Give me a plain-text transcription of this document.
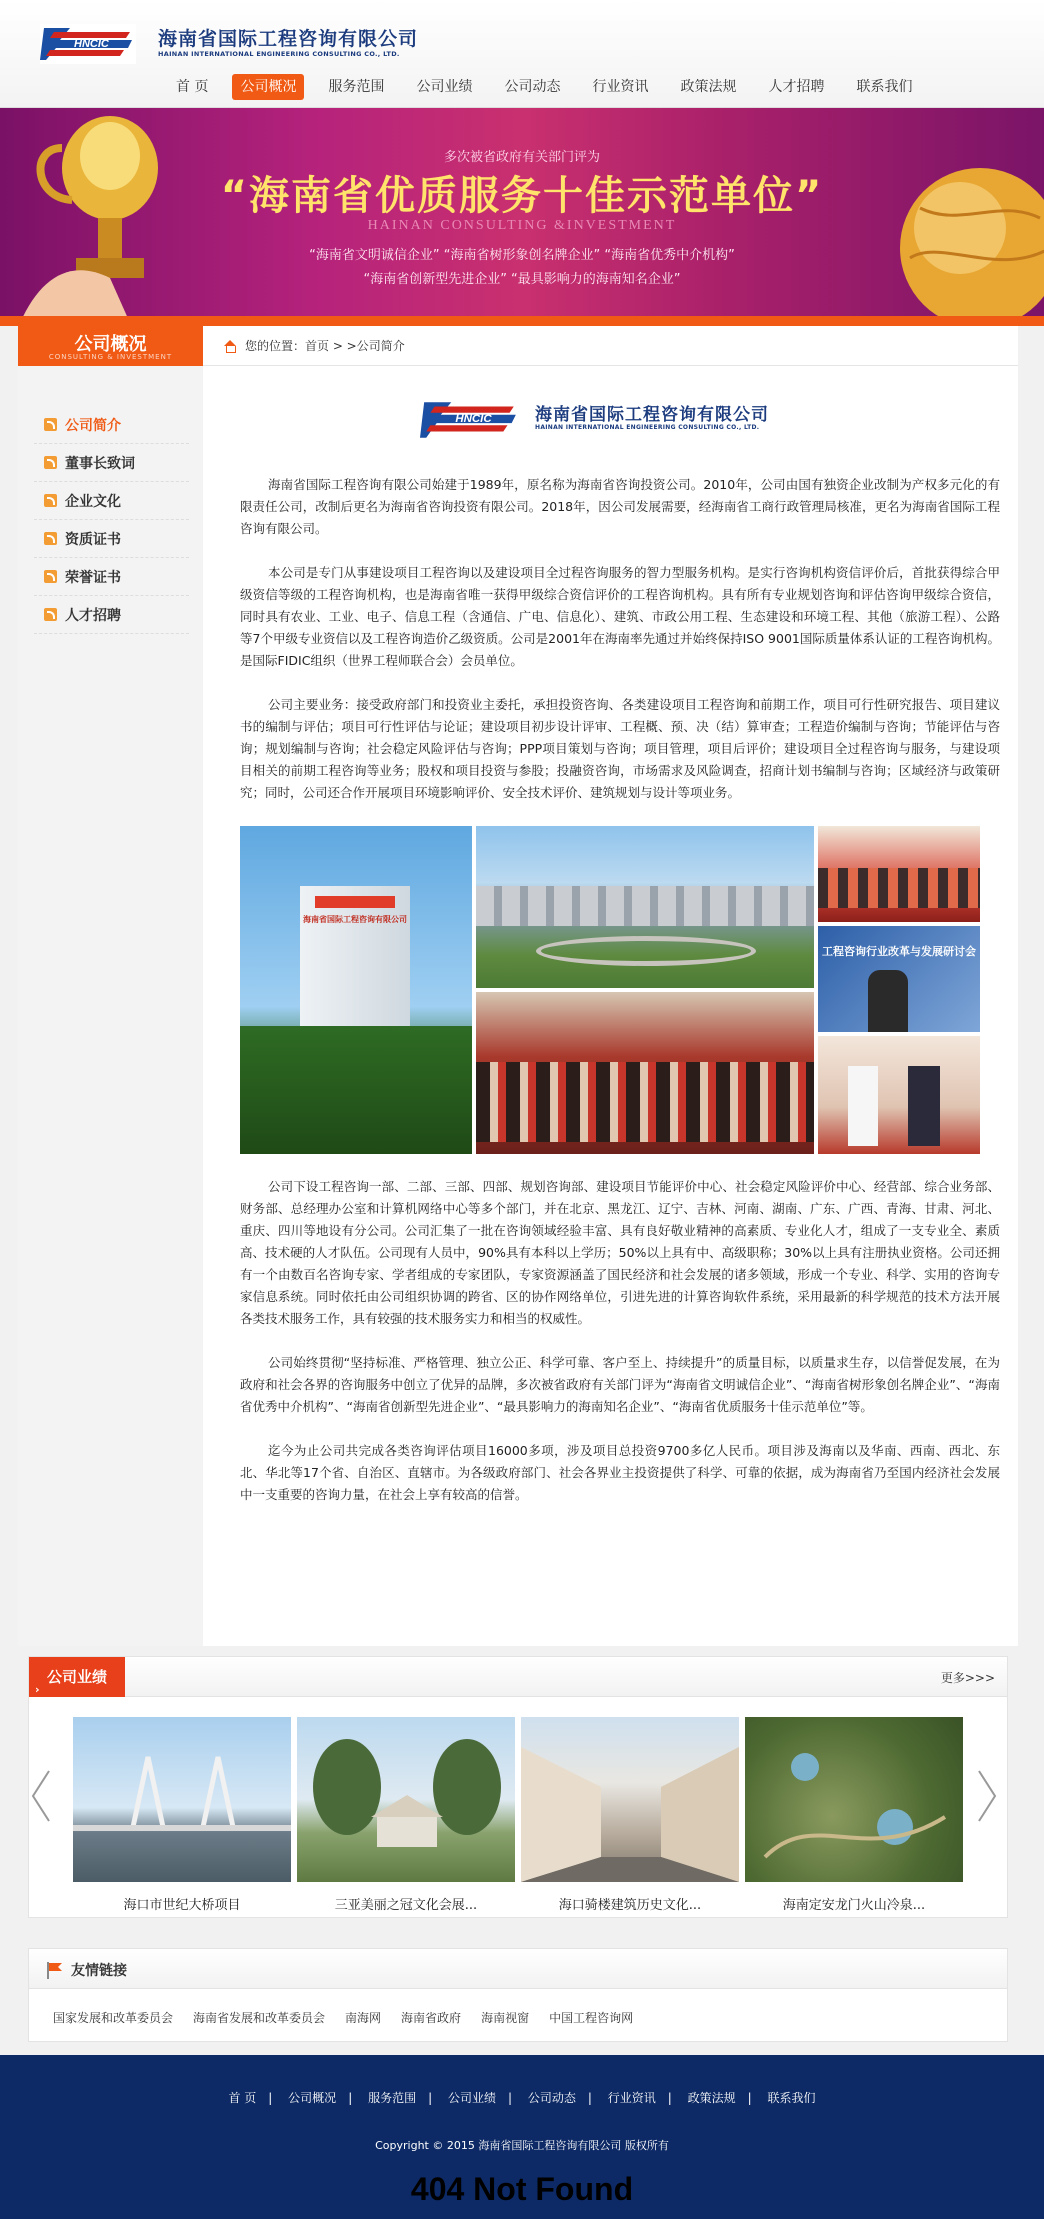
HNCIC	海南省国际工程咨询有限公司
HAINAN INTERNATIONAL ENGINEERING CONSULTING CO., LTD.
首 页	公司概况	服务范围	公司业绩	公司动态	行业资讯	政策法规	人才招聘	联系我们
多次被省政府有关部门评为
“海南省优质服务十佳示范单位”
HAINAN CONSULTING &INVESTMENT
“海南省文明诚信企业” “海南省树形象创名牌企业” “海南省优秀中介机构”
“海南省创新型先进企业” “最具影响力的海南知名企业”
公司概况
CONSULTING & INVESTMENT
公司简介
董事长致词
企业文化
资质证书
荣誉证书
人才招聘
您的位置：首页 > >公司简介
HNCIC	海南省国际工程咨询有限公司
HAINAN INTERNATIONAL ENGINEERING CONSULTING CO., LTD.

海南省国际工程咨询有限公司始建于1989年，原名称为海南省咨询投资公司。2010年，公司由国有独资企业改制为产权多元化的有限责任公司，改制后更名为海南省咨询投资有限公司。2018年，因公司发展需要，经海南省工商行政管理局核准，更名为海南省国际工程咨询有限公司。

本公司是专门从事建设项目工程咨询以及建设项目全过程咨询服务的智力型服务机构。是实行咨询机构资信评价后，首批获得综合甲级资信等级的工程咨询机构，也是海南省唯一获得甲级综合资信评价的工程咨询机构。具有所有专业规划咨询和评估咨询甲级综合资信，同时具有农业、工业、电子、信息工程（含通信、广电、信息化）、建筑、市政公用工程、生态建设和环境工程、其他（旅游工程）、公路等7个甲级专业资信以及工程咨询造价乙级资质。公司是2001年在海南率先通过并始终保持ISO 9001国际质量体系认证的工程咨询机构。是国际FIDIC组织（世界工程师联合会）会员单位。

公司主要业务：接受政府部门和投资业主委托，承担投资咨询、各类建设项目工程咨询和前期工作，项目可行性研究报告、项目建议书的编制与评估；项目可行性评估与论证；建设项目初步设计评审、工程概、预、决（结）算审查；工程造价编制与咨询；节能评估与咨询；规划编制与咨询；社会稳定风险评估与咨询；PPP项目策划与咨询；项目管理，项目后评价；建设项目全过程咨询与服务，与建设项目相关的前期工程咨询等业务；股权和项目投资与参股；投融资咨询，市场需求及风险调查，招商计划书编制与咨询；区域经济与政策研究；同时，公司还合作开展项目环境影响评价、安全技术评价、建筑规划与设计等项业务。

海南省国际工程咨询有限公司
工程咨询行业改革与发展研讨会

公司下设工程咨询一部、二部、三部、四部、规划咨询部、建设项目节能评价中心、社会稳定风险评价中心、经营部、综合业务部、财务部、总经理办公室和计算机网络中心等多个部门，并在北京、黑龙江、辽宁、吉林、河南、湖南、广东、广西、青海、甘肃、河北、重庆、四川等地设有分公司。公司汇集了一批在咨询领域经验丰富、具有良好敬业精神的高素质、专业化人才，组成了一支专业全、素质高、技术硬的人才队伍。公司现有人员中，90%具有本科以上学历；50%以上具有中、高级职称；30%以上具有注册执业资格。公司还拥有一个由数百名咨询专家、学者组成的专家团队，专家资源涵盖了国民经济和社会发展的诸多领域，形成一个专业、科学、实用的咨询专家信息系统。同时依托由公司组织协调的跨省、区的协作网络单位，引进先进的计算咨询软件系统，采用最新的科学规范的技术方法开展各类技术服务工作，具有较强的技术服务实力和相当的权威性。

公司始终贯彻“坚持标准、严格管理、独立公正、科学可靠、客户至上、持续提升”的质量目标，以质量求生存，以信誉促发展，在为政府和社会各界的咨询服务中创立了优异的品牌，多次被省政府有关部门评为“海南省文明诚信企业”、“海南省树形象创名牌企业”、“海南省优秀中介机构”、“海南省创新型先进企业”、“最具影响力的海南知名企业”、“海南省优质服务十佳示范单位”等。

迄今为止公司共完成各类咨询评估项目16000多项，涉及项目总投资9700多亿人民币。项目涉及海南以及华南、西南、西北、东北、华北等17个省、自治区、直辖市。为各级政府部门、社会各界业主投资提供了科学、可靠的依据，成为海南省乃至国内经济社会发展中一支重要的咨询力量，在社会上享有较高的信誉。

›
公司业绩	更多>>>
海口市世纪大桥项目	三亚美丽之冠文化会展...	海口骑楼建筑历史文化...	海南定安龙门火山冷泉...
友情链接
国家发展和改革委员会 海南省发展和改革委员会 南海网 海南省政府 海南视窗 中国工程咨询网
首 页 | 公司概况 | 服务范围 | 公司业绩 | 公司动态 | 行业资讯 | 政策法规 | 联系我们
Copyright © 2015 海南省国际工程咨询有限公司 版权所有
404 Not Found
